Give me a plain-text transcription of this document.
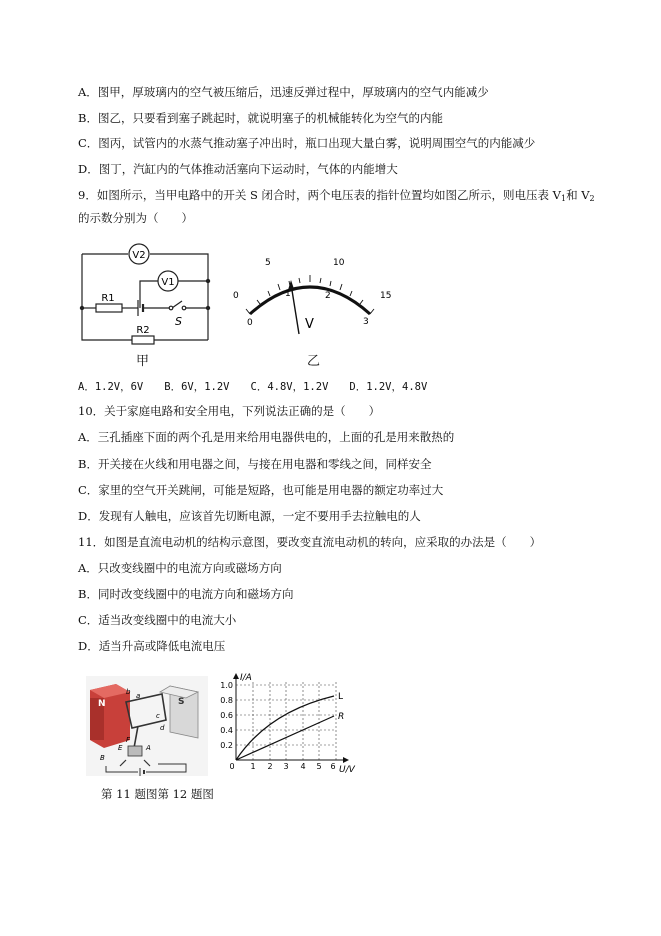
A．图甲，厚玻璃内的空气被压缩后，迅速反弹过程中，厚玻璃内的空气内能减少
B．图乙，只要看到塞子跳起时，就说明塞子的机械能转化为空气的内能
C．图丙，试管内的水蒸气推动塞子冲出时，瓶口出现大量白雾，说明周围空气的内能减少
D．图丁，汽缸内的气体推动活塞向下运动时，气体的内能增大
9．如图所示，当甲电路中的开关 S 闭合时，两个电压表的指针位置均如图乙所示，则电压表 $V_1$和 $V_2$
的示数分别为（　　）
V2
V1
R1
R2
S
甲
0
5	10
15
0
1	2
3
V
乙
A．1.2V，6V　　B．6V，1.2V　　C．4.8V，1.2V　　D．1.2V，4.8V
10．关于家庭电路和安全用电，下列说法正确的是（　　）
A．三孔插座下面的两个孔是用来给用电器供电的，上面的孔是用来散热的
B．开关接在火线和用电器之间，与接在用电器和零线之间，同样安全
C．家里的空气开关跳闸，可能是短路，也可能是用电器的额定功率过大
D．发现有人触电，应该首先切断电源，一定不要用手去拉触电的人
11．如图是直流电动机的结构示意图，要改变直流电动机的转向，应采取的办法是（　　）
A．只改变线圈中的电流方向或磁场方向
B．同时改变线圈中的电流方向和磁场方向
C．适当改变线圈中的电流大小
D．适当升高或降低电流电压
N	S
a
b
c
d
A
B
E
F
I/A
U/V
0.2
0.4
0.6
0.8
1.0
0 1 2 3 4 5 6
L
R
第 11 题图第 12 题图
